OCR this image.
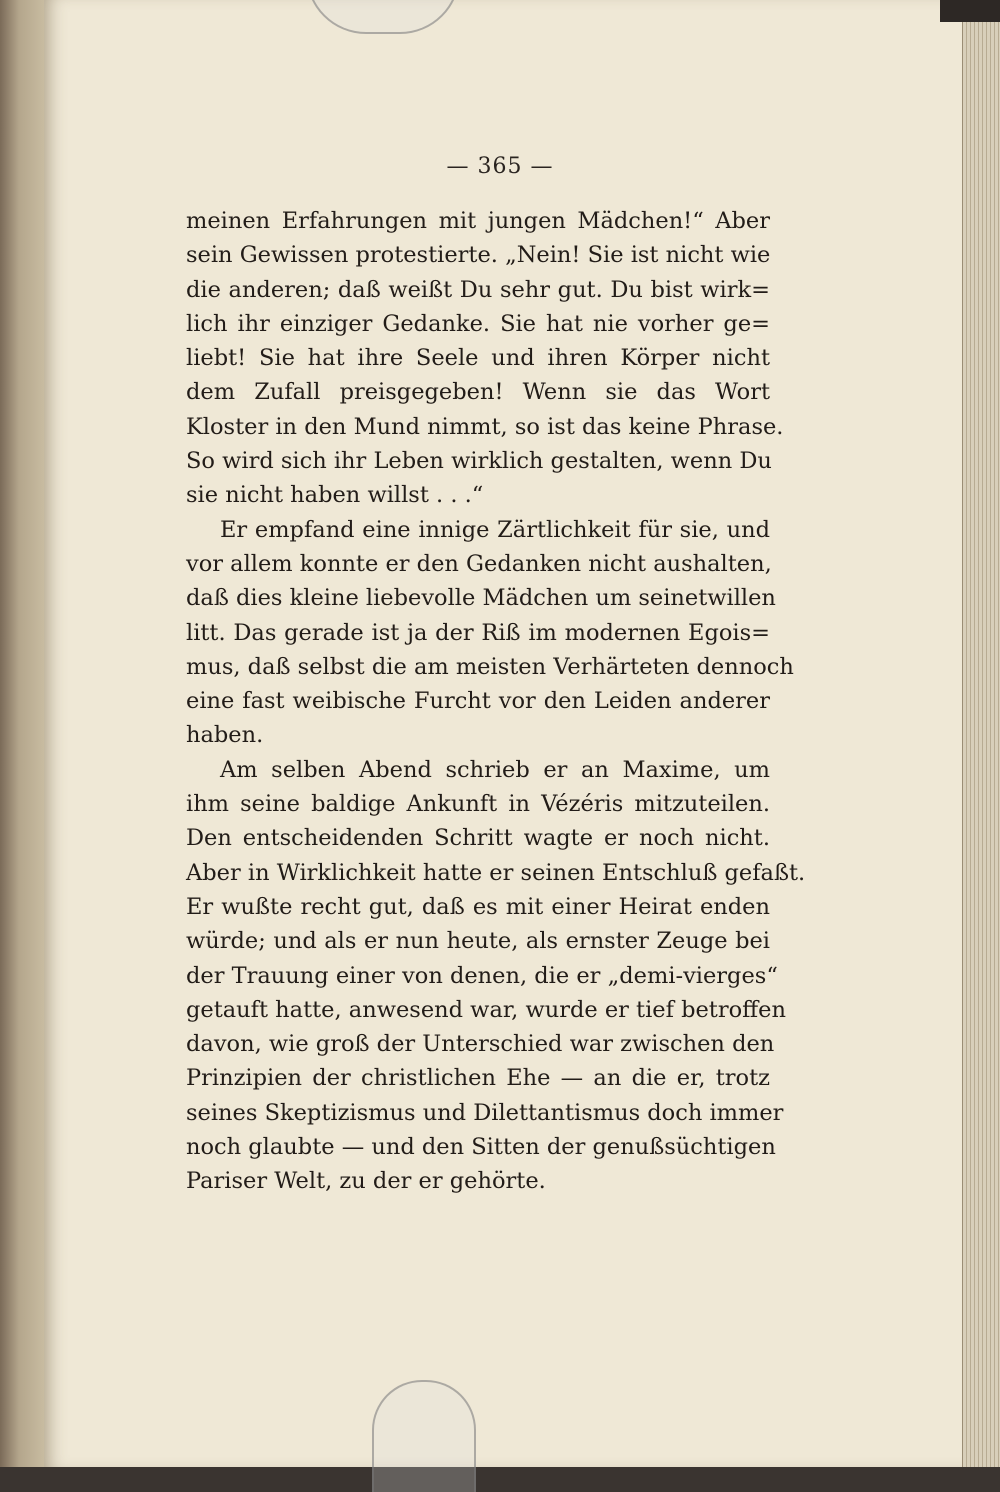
— 365 —
meinen Erfahrungen mit jungen Mädchen!“ Aber
sein Gewissen protestierte. „Nein! Sie ist nicht wie
die anderen; daß weißt Du sehr gut. Du bist wirk=
lich ihr einziger Gedanke. Sie hat nie vorher ge=
liebt! Sie hat ihre Seele und ihren Körper nicht
dem Zufall preisgegeben! Wenn sie das Wort
Kloster in den Mund nimmt, so ist das keine Phrase.
So wird sich ihr Leben wirklich gestalten, wenn Du
sie nicht haben willst . . .“
Er empfand eine innige Zärtlichkeit für sie, und
vor allem konnte er den Gedanken nicht aushalten,
daß dies kleine liebevolle Mädchen um seinetwillen
litt. Das gerade ist ja der Riß im modernen Egois=
mus, daß selbst die am meisten Verhärteten dennoch
eine fast weibische Furcht vor den Leiden anderer
haben.
Am selben Abend schrieb er an Maxime, um
ihm seine baldige Ankunft in Vézéris mitzuteilen.
Den entscheidenden Schritt wagte er noch nicht.
Aber in Wirklichkeit hatte er seinen Entschluß gefaßt.
Er wußte recht gut, daß es mit einer Heirat enden
würde; und als er nun heute, als ernster Zeuge bei
der Trauung einer von denen, die er „demi-vierges“
getauft hatte, anwesend war, wurde er tief betroffen
davon, wie groß der Unterschied war zwischen den
Prinzipien der christlichen Ehe — an die er, trotz
seines Skeptizismus und Dilettantismus doch immer
noch glaubte — und den Sitten der genußsüchtigen
Pariser Welt, zu der er gehörte.
